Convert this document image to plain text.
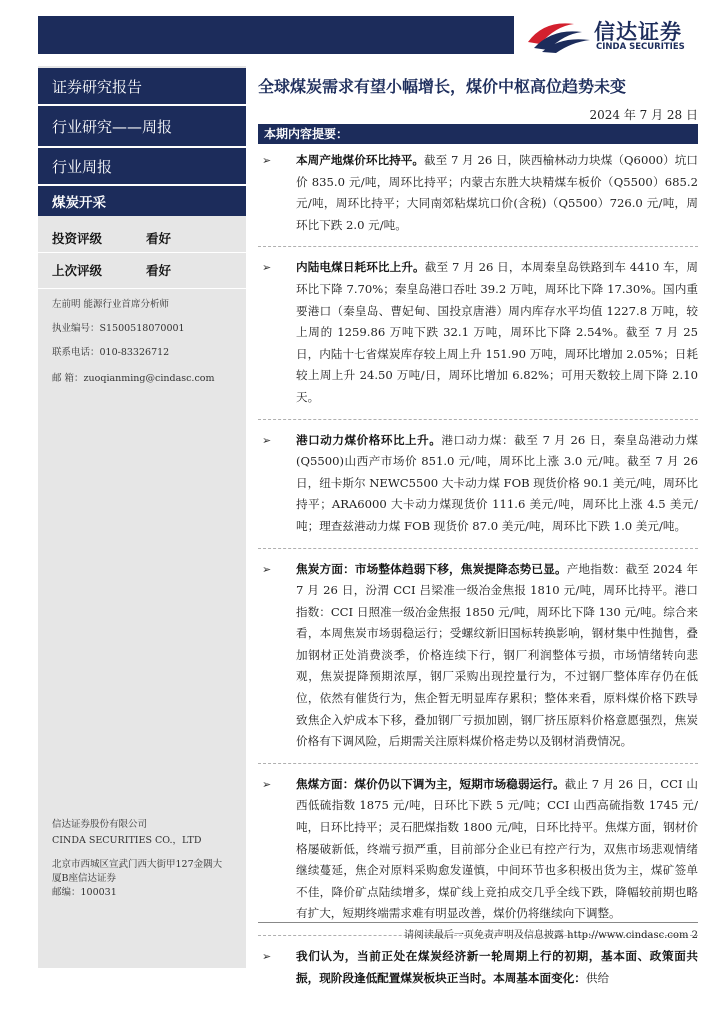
信达证券
CINDA SECURITIES
证券研究报告
行业研究——周报
行业周报
煤炭开采
投资评级	看好
上次评级	看好
左前明 能源行业首席分析师
执业编号：S1500518070001
联系电话：010-83326712
邮 箱：zuoqianming@cindasc.com
信达证券股份有限公司
CINDA SECURITIES CO.，LTD
北京市西城区宣武门西大街甲127金隅大
厦B座信达证券
邮编：100031
全球煤炭需求有望小幅增长，煤价中枢高位趋势未变
2024 年 7 月 28 日
本期内容提要：
➢ 本周产地煤价环比持平。截至 7 月 26 日，陕西榆林动力块煤（Q6000）坑口价 835.0 元/吨，周环比持平；内蒙古东胜大块精煤车板价（Q5500）685.2 元/吨，周环比持平；大同南郊粘煤坑口价(含税)（Q5500）726.0 元/吨，周环比下跌 2.0 元/吨。
➢ 内陆电煤日耗环比上升。截至 7 月 26 日，本周秦皇岛铁路到车 4410 车，周环比下降 7.70%；秦皇岛港口吞吐 39.2 万吨，周环比下降 17.30%。国内重要港口（秦皇岛、曹妃甸、国投京唐港）周内库存水平均值 1227.8 万吨，较上周的 1259.86 万吨下跌 32.1 万吨，周环比下降 2.54%。截至 7 月 25 日，内陆十七省煤炭库存较上周上升 151.90 万吨，周环比增加 2.05%；日耗较上周上升 24.50 万吨/日，周环比增加 6.82%；可用天数较上周下降 2.10 天。
➢ 港口动力煤价格环比上升。港口动力煤：截至 7 月 26 日，秦皇岛港动力煤(Q5500)山西产市场价 851.0 元/吨，周环比上涨 3.0 元/吨。截至 7 月 26 日，纽卡斯尔 NEWC5500 大卡动力煤 FOB 现货价格 90.1 美元/吨，周环比持平；ARA6000 大卡动力煤现货价 111.6 美元/吨，周环比上涨 4.5 美元/吨；理查兹港动力煤 FOB 现货价 87.0 美元/吨，周环比下跌 1.0 美元/吨。
➢ 焦炭方面：市场整体趋弱下移，焦炭提降态势已显。产地指数：截至 2024 年 7 月 26 日，汾渭 CCI 吕梁准一级冶金焦报 1810 元/吨，周环比持平。港口指数：CCI 日照准一级冶金焦报 1850 元/吨，周环比下降 130 元/吨。综合来看，本周焦炭市场弱稳运行；受螺纹新旧国标转换影响，钢材集中性抛售，叠加钢材正处消费淡季，价格连续下行，钢厂利润整体亏损，市场情绪转向悲观，焦炭提降预期浓厚，钢厂采购出现控量行为，不过钢厂整体库存仍在低位，依然有催货行为，焦企暂无明显库存累积；整体来看，原料煤价格下跌导致焦企入炉成本下移，叠加钢厂亏损加剧，钢厂挤压原料价格意愿强烈，焦炭价格有下调风险，后期需关注原料煤价格走势以及钢材消费情况。
➢ 焦煤方面：煤价仍以下调为主，短期市场稳弱运行。截止 7 月 26 日，CCI 山西低硫指数 1875 元/吨，日环比下跌 5 元/吨；CCI 山西高硫指数 1745 元/吨，日环比持平；灵石肥煤指数 1800 元/吨，日环比持平。焦煤方面，钢材价格屡破新低，终端亏损严重，目前部分企业已有控产行为，双焦市场悲观情绪继续蔓延，焦企对原料采购愈发谨慎，中间环节也多积极出货为主，煤矿签单不佳，降价矿点陆续增多，煤矿线上竞拍成交几乎全线下跌，降幅较前期也略有扩大，短期终端需求难有明显改善，煤价仍将继续向下调整。
➢ 我们认为，当前正处在煤炭经济新一轮周期上行的初期，基本面、政策面共振，现阶段逢低配置煤炭板块正当时。本周基本面变化：供给
请阅读最后一页免责声明及信息披露 http://www.cindasc.com 2
